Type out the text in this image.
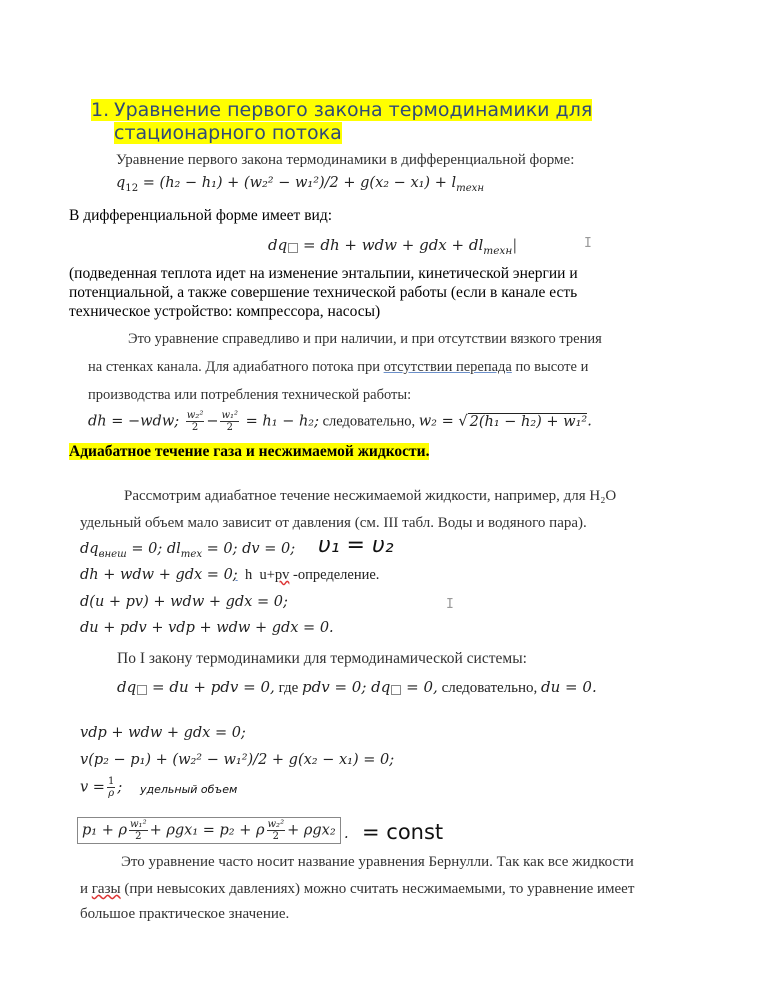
1. Уравнение первого закона термодинамики для
стационарного потока
Уравнение первого закона термодинамики в дифференциальной форме:
$q_{12} = (h_2 - h_1) + (w_2^2 - w_1^2)/2 + g(x_2 - x_1) + l_{техн}$
В дифференциальной форме имеет вид:
dq = dh + wdw + gdx + $dl_{техн}|$	I
(подведенная теплота идет на изменение энтальпии, кинетической энергии и
потенциальной, а также совершение технической работы (если в канале есть
техническое устройство: компрессора, насосы)
Это уравнение справедливо и при наличии, и при отсутствии вязкого трения
на стенках канала. Для адиабатного потока при отсутствии перепада по высоте и
производства или потребления технической работы:
dh = −wdw; $\frac{\text{w₂²}}{2} - \frac{\text{w₁²}}{2} = h_1 - h_2$; следовательно, w₂ = √ 2(h₁ − h₂) + w₁².
Адиабатное течение газа и несжимаемой жидкости.
Рассмотрим адиабатное течение несжимаемой жидкости, например, для H₂O
удельный объем мало зависит от давления (см. III табл. Воды и водяного пара).
$dq_{внеш} = 0$; $dl_{тех} = 0$; dv = 0; υ₁ = υ₂
dh + wdw + gdx = 0;  h  u+pv -определение.
d(u + pv) + wdw + gdx = 0;	I
du + pdv + vdp + wdw + gdx = 0.
По I закону термодинамики для термодинамической системы:
dq = du + pdv = 0, где pdv = 0; dq = 0, следовательно, du = 0.
vdp + wdw + gdx = 0;
v(p₂ − p₁) + (w₂² − w₁²)/2 + g(x₂ − x₁) = 0;
$v = \frac{1}{\rho}$ ; удельный объем
p₁ + ρ $\frac{\text{w₁²}}{2} + \rho gx_1 = p_2 + \rho \frac{\text{w₂²}}{2} + \rho gx_2$ . = const
Это уравнение часто носит название уравнения Бернулли. Так как все жидкости
и газы (при невысоких давлениях) можно считать несжимаемыми, то уравнение имеет
большое практическое значение.
